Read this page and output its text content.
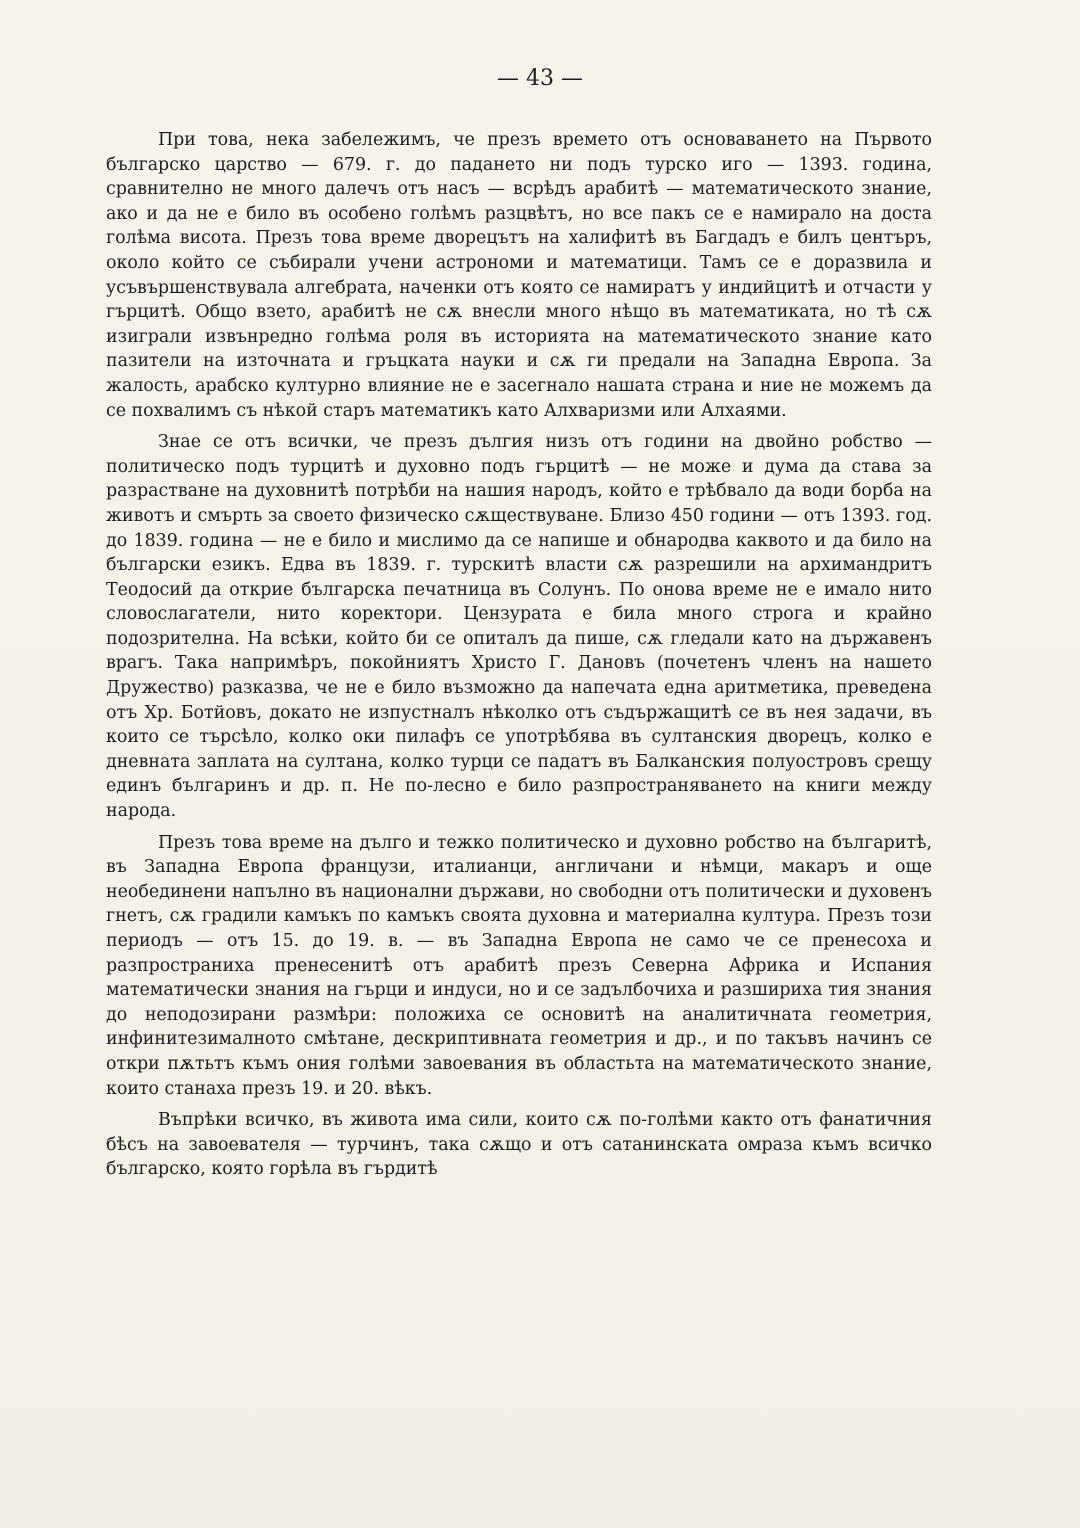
— 43 —

При това, нека забележимъ, че презъ времето отъ основаването на Първото българско царство — 679. г. до падането ни подъ турско иго — 1393. година, сравнително не много далечъ отъ насъ — всрѣдъ арабитѣ — математическото знание, ако и да не е било въ особено голѣмъ разцвѣтъ, но все пакъ се е намирало на доста голѣма висота. Презъ това време дворецътъ на халифитѣ въ Багдадъ е билъ центъръ, около който се събирали учени астрономи и математици. Тамъ се е доразвила и усъвършенствувала алгебрата, наченки отъ която се намиратъ у индийцитѣ и отчасти у гърцитѣ. Общо взето, арабитѣ не сѫ внесли много нѣщо въ математиката, но тѣ сѫ изиграли извънредно голѣма роля въ историята на математическото знание като пазители на източната и гръцката науки и сѫ ги предали на Западна Европа. За жалость, арабско културно влияние не е засегнало нашата страна и ние не можемъ да се похвалимъ съ нѣкой старъ математикъ като Алхваризми или Алхаями.

Знае се отъ всички, че презъ дългия низъ отъ години на двойно робство — политическо подъ турцитѣ и духовно подъ гърцитѣ — не може и дума да става за разрастване на духовнитѣ потрѣби на нашия народъ, който е трѣбвало да води борба на животъ и смърть за своето физическо сѫществуване. Близо 450 години — отъ 1393. год. до 1839. година — не е било и мислимо да се напише и обнародва каквото и да било на български езикъ. Едва въ 1839. г. турскитѣ власти сѫ разрешили на архимандритъ Теодосий да открие българска печатница въ Солунъ. По онова време не е имало нито словослагатели, нито коректори. Цензурата е била много строга и крайно подозрителна. На всѣки, който би се опиталъ да пише, сѫ гледали като на държавенъ врагъ. Така напримѣръ, покойниятъ Христо Г. Дановъ (почетенъ членъ на нашето Дружество) разказва, че не е било възможно да напечата една аритметика, преведена отъ Хр. Ботйовъ, докато не изпустналъ нѣколко отъ съдържащитѣ се въ нея задачи, въ които се търсѣло, колко оки пилафъ се употрѣбява въ султанския дворецъ, колко е дневната заплата на султана, колко турци се падатъ въ Балканския полуостровъ срещу единъ българинъ и др. п. Не по-лесно е било разпространяването на книги между народа.

Презъ това време на дълго и тежко политическо и духовно робство на българитѣ, въ Западна Европа французи, италианци, англичани и нѣмци, макаръ и още необединени напълно въ национални държави, но свободни отъ политически и духовенъ гнетъ, сѫ градили камъкъ по камъкъ своята духовна и материална култура. Презъ този периодъ — отъ 15. до 19. в. — въ Западна Европа не само че се пренесоха и разпространиха пренесенитѣ отъ арабитѣ презъ Северна Африка и Испания математически знания на гърци и индуси, но и се задълбочиха и разшириха тия знания до неподозирани размѣри: положиха се основитѣ на аналитичната геометрия, инфинитезималното смѣтане, дескриптивната геометрия и др., и по такъвъ начинъ се откри пѫтьтъ къмъ ония голѣми завоевания въ областьта на математическото знание, които станаха презъ 19. и 20. вѣкъ.

Въпрѣки всичко, въ живота има сили, които сѫ по-голѣми както отъ фанатичния бѣсъ на завоевателя — турчинъ, така сѫщо и отъ сатанинската омраза къмъ всичко българско, която горѣла въ гърдитѣ
